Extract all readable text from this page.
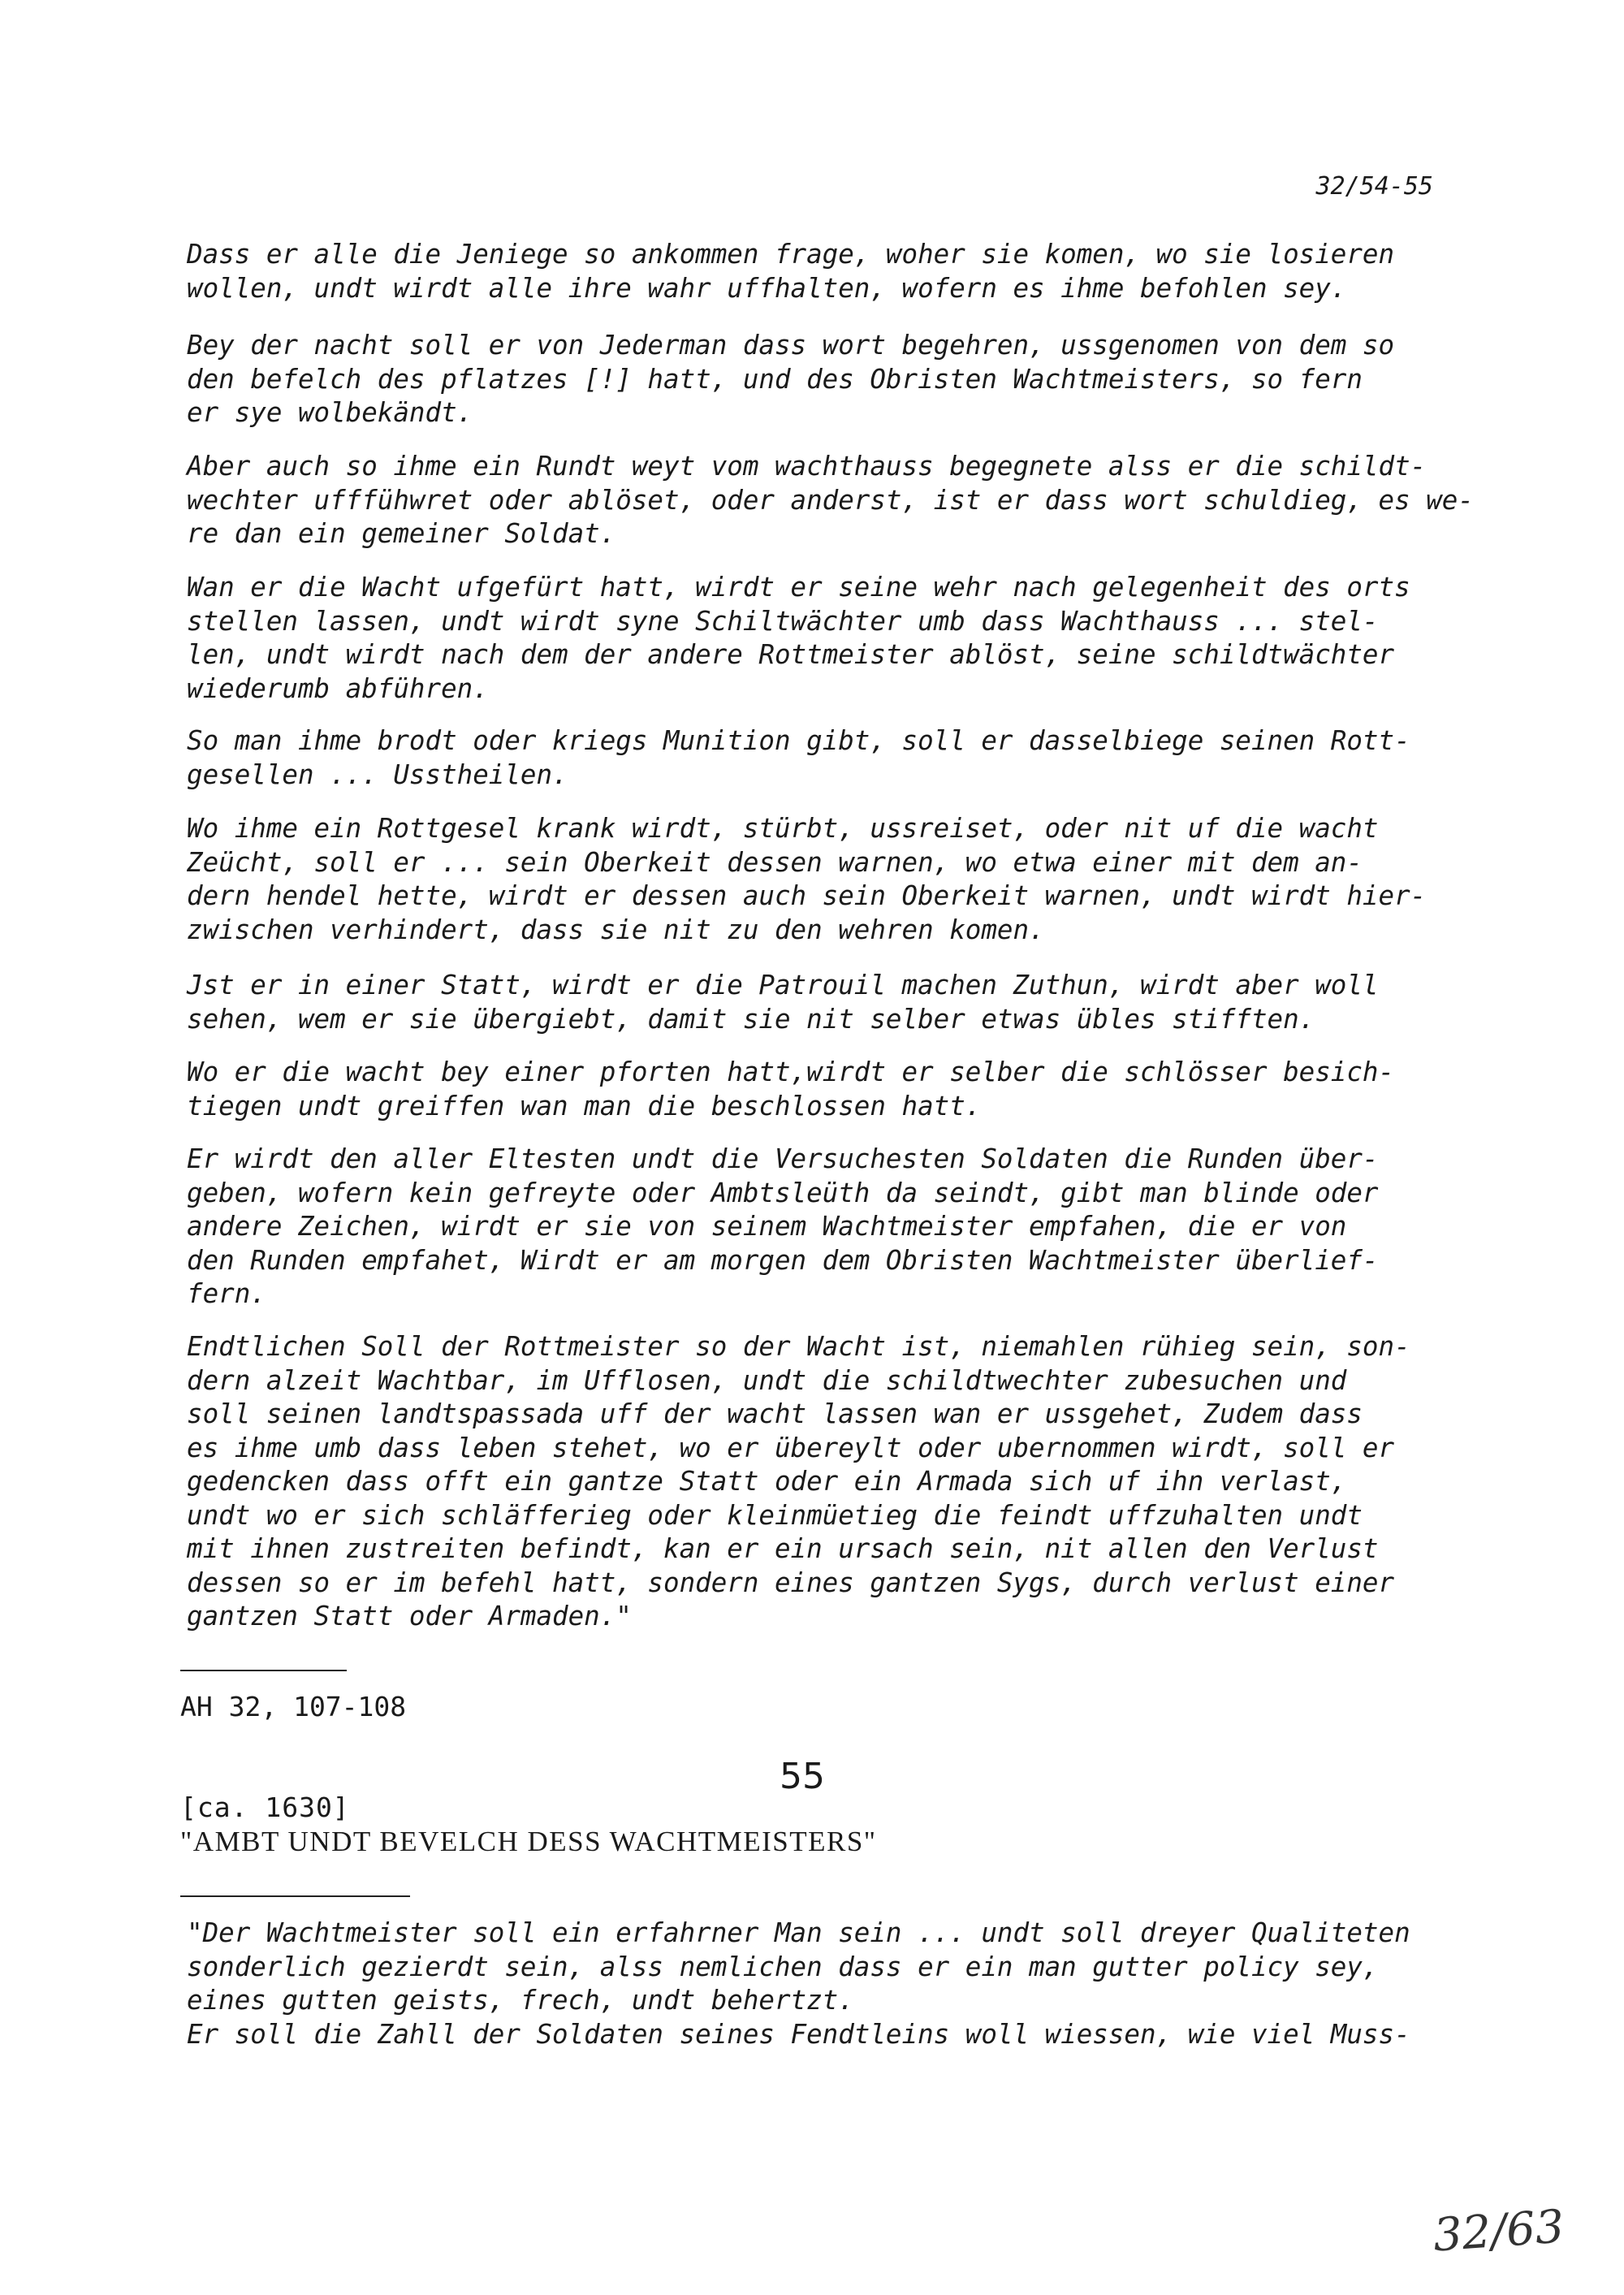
32/54-55
Dass er alle die Jeniege so ankommen frage, woher sie komen, wo sie losieren
wollen, undt wirdt alle ihre wahr uffhalten, wofern es ihme befohlen sey.
Bey der nacht soll er von Jederman dass wort begehren, ussgenomen von dem so
den befelch des pflatzes [!] hatt, und des Obristen Wachtmeisters, so fern
er sye wolbekändt.
Aber auch so ihme ein Rundt weyt vom wachthauss begegnete alss er die schildt-
wechter ufffühwret oder ablöset, oder anderst, ist er dass wort schuldieg, es we-
re dan ein gemeiner Soldat.
Wan er die Wacht ufgefürt hatt, wirdt er seine wehr nach gelegenheit des orts
stellen lassen, undt wirdt syne Schiltwächter umb dass Wachthauss ... stel-
len, undt wirdt nach dem der andere Rottmeister ablöst, seine schildtwächter
wiederumb abführen.
So man ihme brodt oder kriegs Munition gibt, soll er dasselbiege seinen Rott-
gesellen ... Usstheilen.
Wo ihme ein Rottgesel krank wirdt, stürbt, ussreiset, oder nit uf die wacht
Zeücht, soll er ... sein Oberkeit dessen warnen, wo etwa einer mit dem an-
dern hendel hette, wirdt er dessen auch sein Oberkeit warnen, undt wirdt hier-
zwischen verhindert, dass sie nit zu den wehren komen.
Jst er in einer Statt, wirdt er die Patrouil machen Zuthun, wirdt aber woll
sehen, wem er sie übergiebt, damit sie nit selber etwas übles stifften.
Wo er die wacht bey einer pforten hatt,wirdt er selber die schlösser besich-
tiegen undt greiffen wan man die beschlossen hatt.
Er wirdt den aller Eltesten undt die Versuchesten Soldaten die Runden über-
geben, wofern kein gefreyte oder Ambtsleüth da seindt, gibt man blinde oder
andere Zeichen, wirdt er sie von seinem Wachtmeister empfahen, die er von
den Runden empfahet, Wirdt er am morgen dem Obristen Wachtmeister überlief-
fern.
Endtlichen Soll der Rottmeister so der Wacht ist, niemahlen rühieg sein, son-
dern alzeit Wachtbar, im Ufflosen, undt die schildtwechter zubesuchen und
soll seinen landtspassada uff der wacht lassen wan er ussgehet, Zudem dass
es ihme umb dass leben stehet, wo er übereylt oder ubernommen wirdt, soll er
gedencken dass offt ein gantze Statt oder ein Armada sich uf ihn verlast,
undt wo er sich schläfferieg oder kleinmüetieg die feindt uffzuhalten undt
mit ihnen zustreiten befindt, kan er ein ursach sein, nit allen den Verlust
dessen so er im befehl hatt, sondern eines gantzen Sygs, durch verlust einer
gantzen Statt oder Armaden."
AH 32, 107-108
55
[ca. 1630]
"AMBT UNDT BEVELCH DESS WACHTMEISTERS"
"Der Wachtmeister soll ein erfahrner Man sein ... undt soll dreyer Qualiteten
sonderlich gezierdt sein, alss nemlichen dass er ein man gutter policy sey,
eines gutten geists, frech, undt behertzt.
Er soll die Zahll der Soldaten seines Fendtleins woll wiessen, wie viel Muss-
32/63
